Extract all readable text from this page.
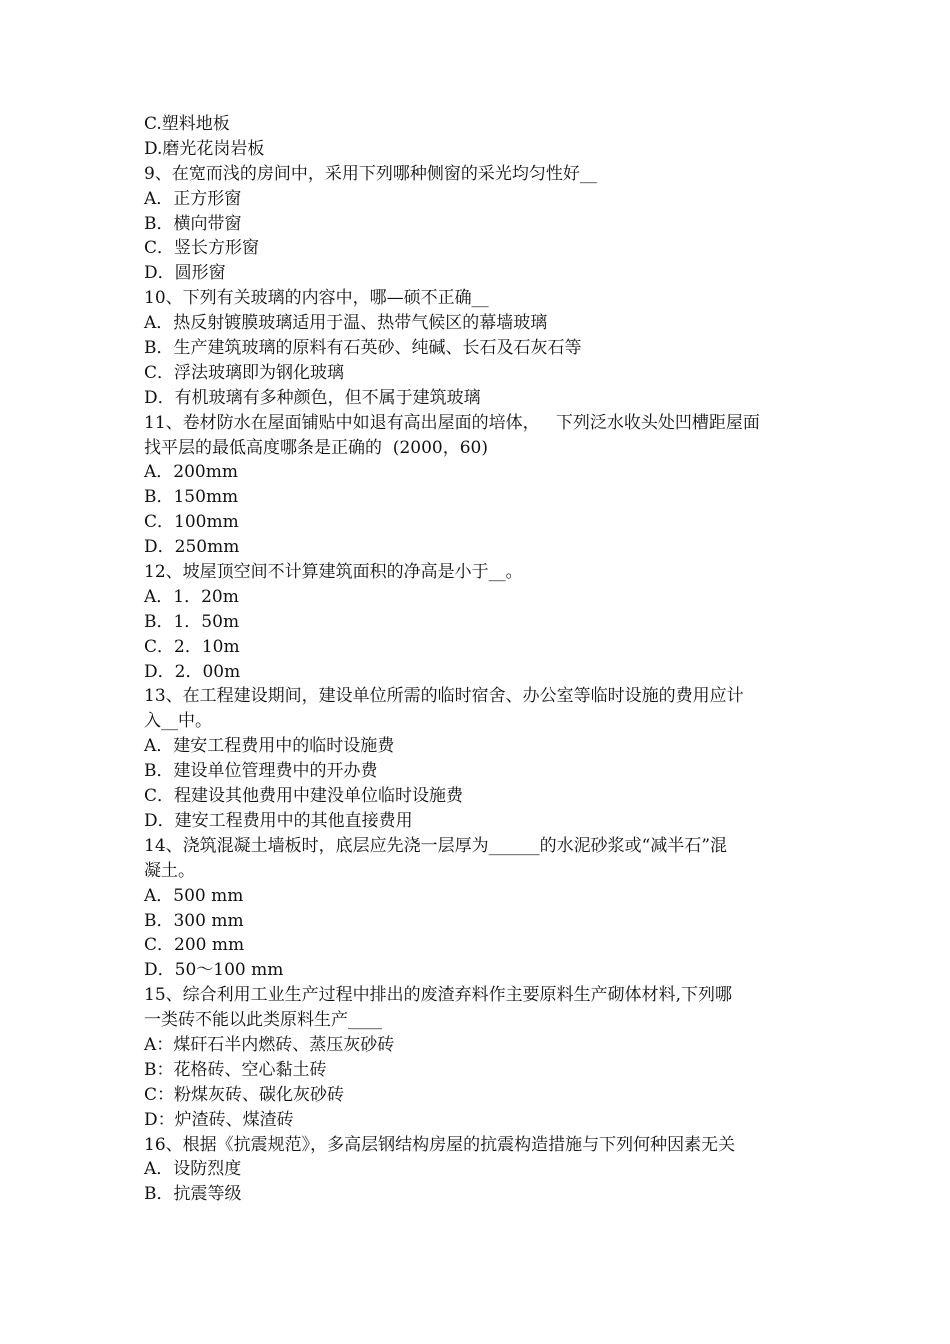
C.塑料地板
D.磨光花岗岩板
9、在宽而浅的房间中，采用下列哪种侧窗的采光均匀性好__
A．正方形窗
B．横向带窗
C．竖长方形窗
D．圆形窗
10、下列有关玻璃的内容中，哪—硕不正确__
A．热反射镀膜玻璃适用于温、热带气候区的幕墙玻璃
B．生产建筑玻璃的原料有石英砂、纯碱、长石及石灰石等
C．浮法玻璃即为钢化玻璃
D．有机玻璃有多种颜色，但不属于建筑玻璃
11、卷材防水在屋面铺贴中如退有高出屋面的培体，   下列泛水收头处凹槽距屋面
找平层的最低高度哪条是正确的  (2000，60)
A．200mm
B．150mm
C．100mm
D．250mm
12、坡屋顶空间不计算建筑面积的净高是小于__。
A．1．20m
B．1．50m
C．2．10m
D．2．00m
13、在工程建设期间，建设单位所需的临时宿舍、办公室等临时设施的费用应计
入__中。
A．建安工程费用中的临时设施费
B．建设单位管理费中的开办费
C．程建设其他费用中建没单位临时设施费
D．建安工程费用中的其他直接费用
14、浇筑混凝土墙板时，底层应先浇一层厚为______的水泥砂浆或“减半石”混
凝土。
A．500 mm
B．300 mm
C．200 mm
D．50～100 mm
15、综合利用工业生产过程中排出的废渣弃料作主要原料生产砌体材料,下列哪
一类砖不能以此类原料生产____
A：煤矸石半内燃砖、蒸压灰砂砖
B：花格砖、空心黏土砖
C：粉煤灰砖、碳化灰砂砖
D：炉渣砖、煤渣砖
16、根据《抗震规范》，多高层钢结构房屋的抗震构造措施与下列何种因素无关
A．设防烈度
B．抗震等级
